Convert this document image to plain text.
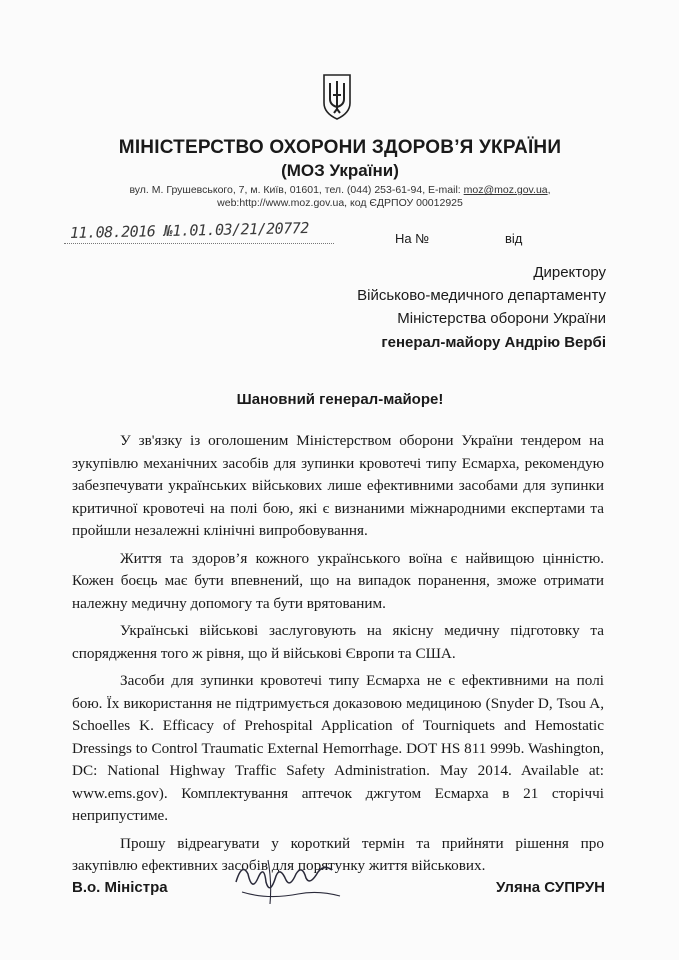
МІНІСТЕРСТВО ОХОРОНИ ЗДОРОВ’Я УКРАЇНИ
(МОЗ України)
вул. М. Грушевського, 7, м. Київ, 01601, тел. (044) 253-61-94, E-mail: moz@moz.gov.ua,
web:http://www.moz.gov.ua, код ЄДРПОУ 00012925
11.08.2016 №1.01.03/21/20772	На №	від
Директору
Військово-медичного департаменту
Міністерства оборони України
генерал-майору Андрію Вербі
Шановний генерал-майоре!

У зв'язку із оголошеним Міністерством оборони України тендером на зукупівлю механічних засобів для зупинки кровотечі типу Есмарха, рекомендую забезпечувати українських військових лише ефективними засобами для зупинки критичної кровотечі на полі бою, які є визнаними міжнародними експертами та пройшли незалежні клінічні випробовування.

Життя та здоров’я кожного українського воїна є найвищою цінністю. Кожен боєць має бути впевнений, що на випадок поранення, зможе отримати належну медичну допомогу та бути врятованим.

Українські військові заслуговують на якісну медичну підготовку та спорядження того ж рівня, що й військові Європи та США.

Засоби для зупинки кровотечі типу Есмарха не є ефективними на полі бою. Їх використання не підтримується доказовою медициною (Snyder D, Tsou A, Schoelles K. Efficacy of Prehospital Application of Tourniquets and Hemostatic Dressings to Control Traumatic External Hemorrhage. DOT HS 811 999b. Washington, DC: National Highway Traffic Safety Administration. May 2014. Available at: www.ems.gov). Комплектування аптечок джгутом Есмарха в 21 сторіччі неприпустиме.

Прошу відреагувати у короткий термін та прийняти рішення про закупівлю ефективних засобів для порятунку життя військових.

В.о. Міністра	Уляна СУПРУН
